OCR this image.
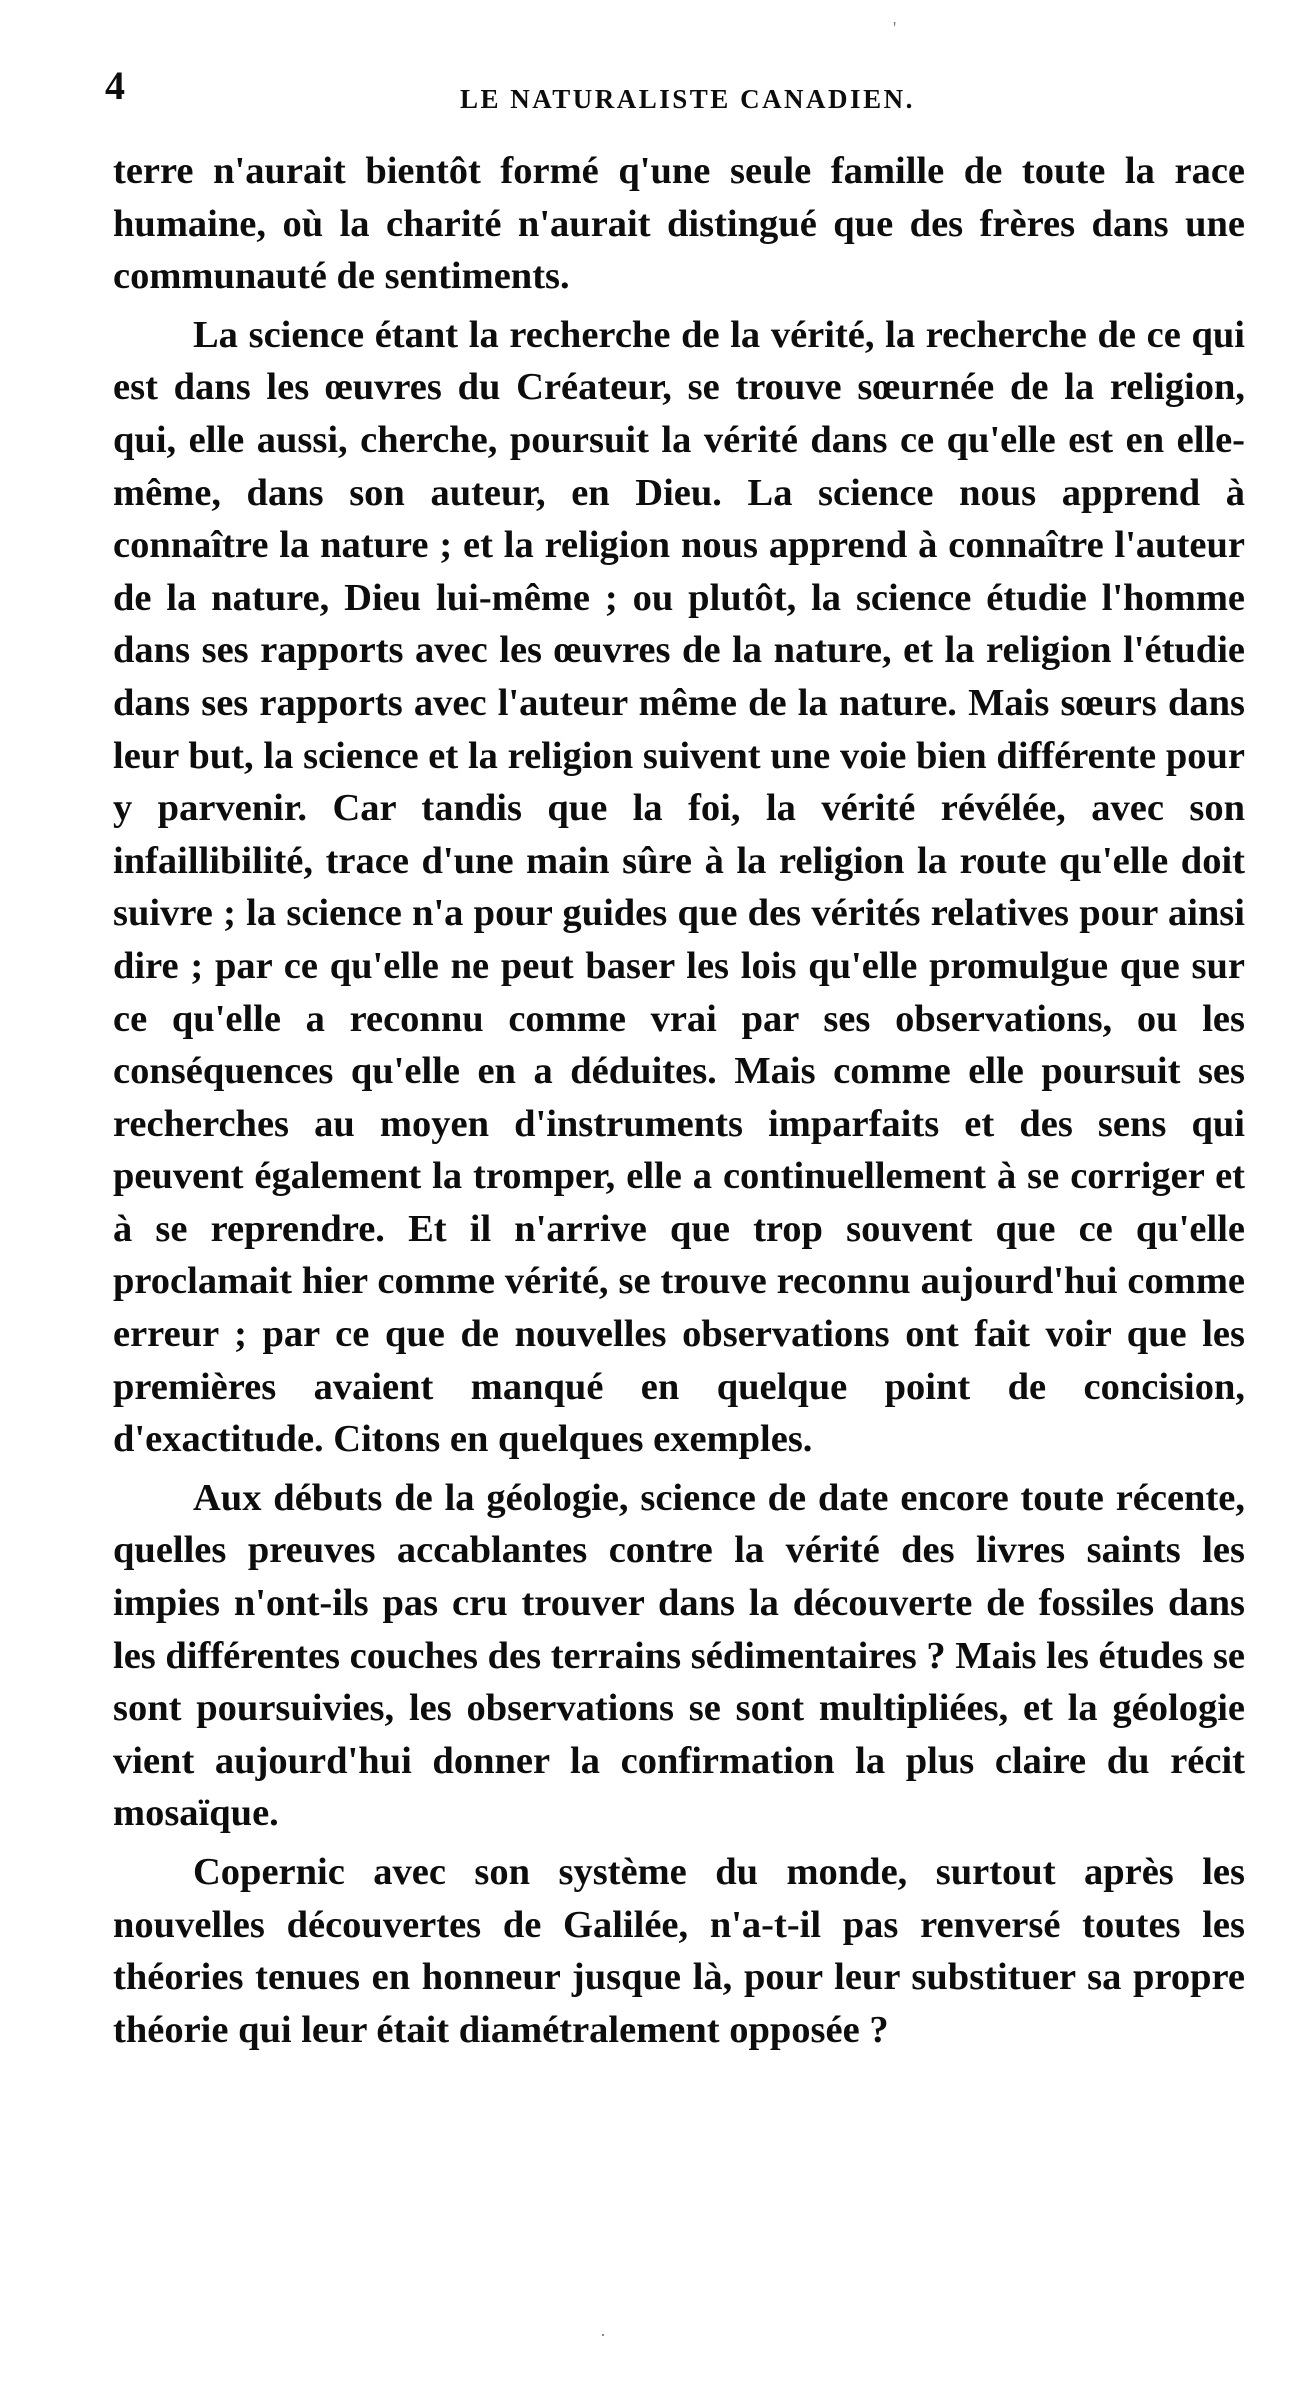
4	LE NATURALISTE CANADIEN.

terre n'aurait bientôt formé q'une seule famille de toute la race humaine, où la charité n'aurait distingué que des frères dans une communauté de sentiments.

La science étant la recherche de la vérité, la recherche de ce qui est dans les œuvres du Créateur, se trouve sœurnée de la religion, qui, elle aussi, cherche, poursuit la vérité dans ce qu'elle est en elle-même, dans son auteur, en Dieu. La science nous apprend à connaître la nature ; et la religion nous apprend à connaître l'auteur de la nature, Dieu lui-même ; ou plutôt, la science étudie l'homme dans ses rapports avec les œuvres de la nature, et la religion l'étudie dans ses rapports avec l'auteur même de la nature. Mais sœurs dans leur but, la science et la religion suivent une voie bien différente pour y parvenir. Car tandis que la foi, la vérité révélée, avec son infaillibilité, trace d'une main sûre à la religion la route qu'elle doit suivre ; la science n'a pour guides que des vérités relatives pour ainsi dire ; par ce qu'elle ne peut baser les lois qu'elle promulgue que sur ce qu'elle a reconnu comme vrai par ses observations, ou les conséquences qu'elle en a déduites. Mais comme elle poursuit ses recherches au moyen d'instruments imparfaits et des sens qui peuvent également la tromper, elle a continuellement à se corriger et à se reprendre. Et il n'arrive que trop souvent que ce qu'elle proclamait hier comme vérité, se trouve reconnu aujourd'hui comme erreur ; par ce que de nouvelles observations ont fait voir que les premières avaient manqué en quelque point de concision, d'exactitude. Citons en quelques exemples.

Aux débuts de la géologie, science de date encore toute récente, quelles preuves accablantes contre la vérité des livres saints les impies n'ont-ils pas cru trouver dans la découverte de fossiles dans les différentes couches des terrains sédimentaires ? Mais les études se sont poursuivies, les observations se sont multipliées, et la géologie vient aujourd'hui donner la confirmation la plus claire du récit mosaïque.

Copernic avec son système du monde, surtout après les nouvelles découvertes de Galilée, n'a-t-il pas renversé toutes les théories tenues en honneur jusque là, pour leur substituer sa propre théorie qui leur était diamétralement opposée ?

'
·
